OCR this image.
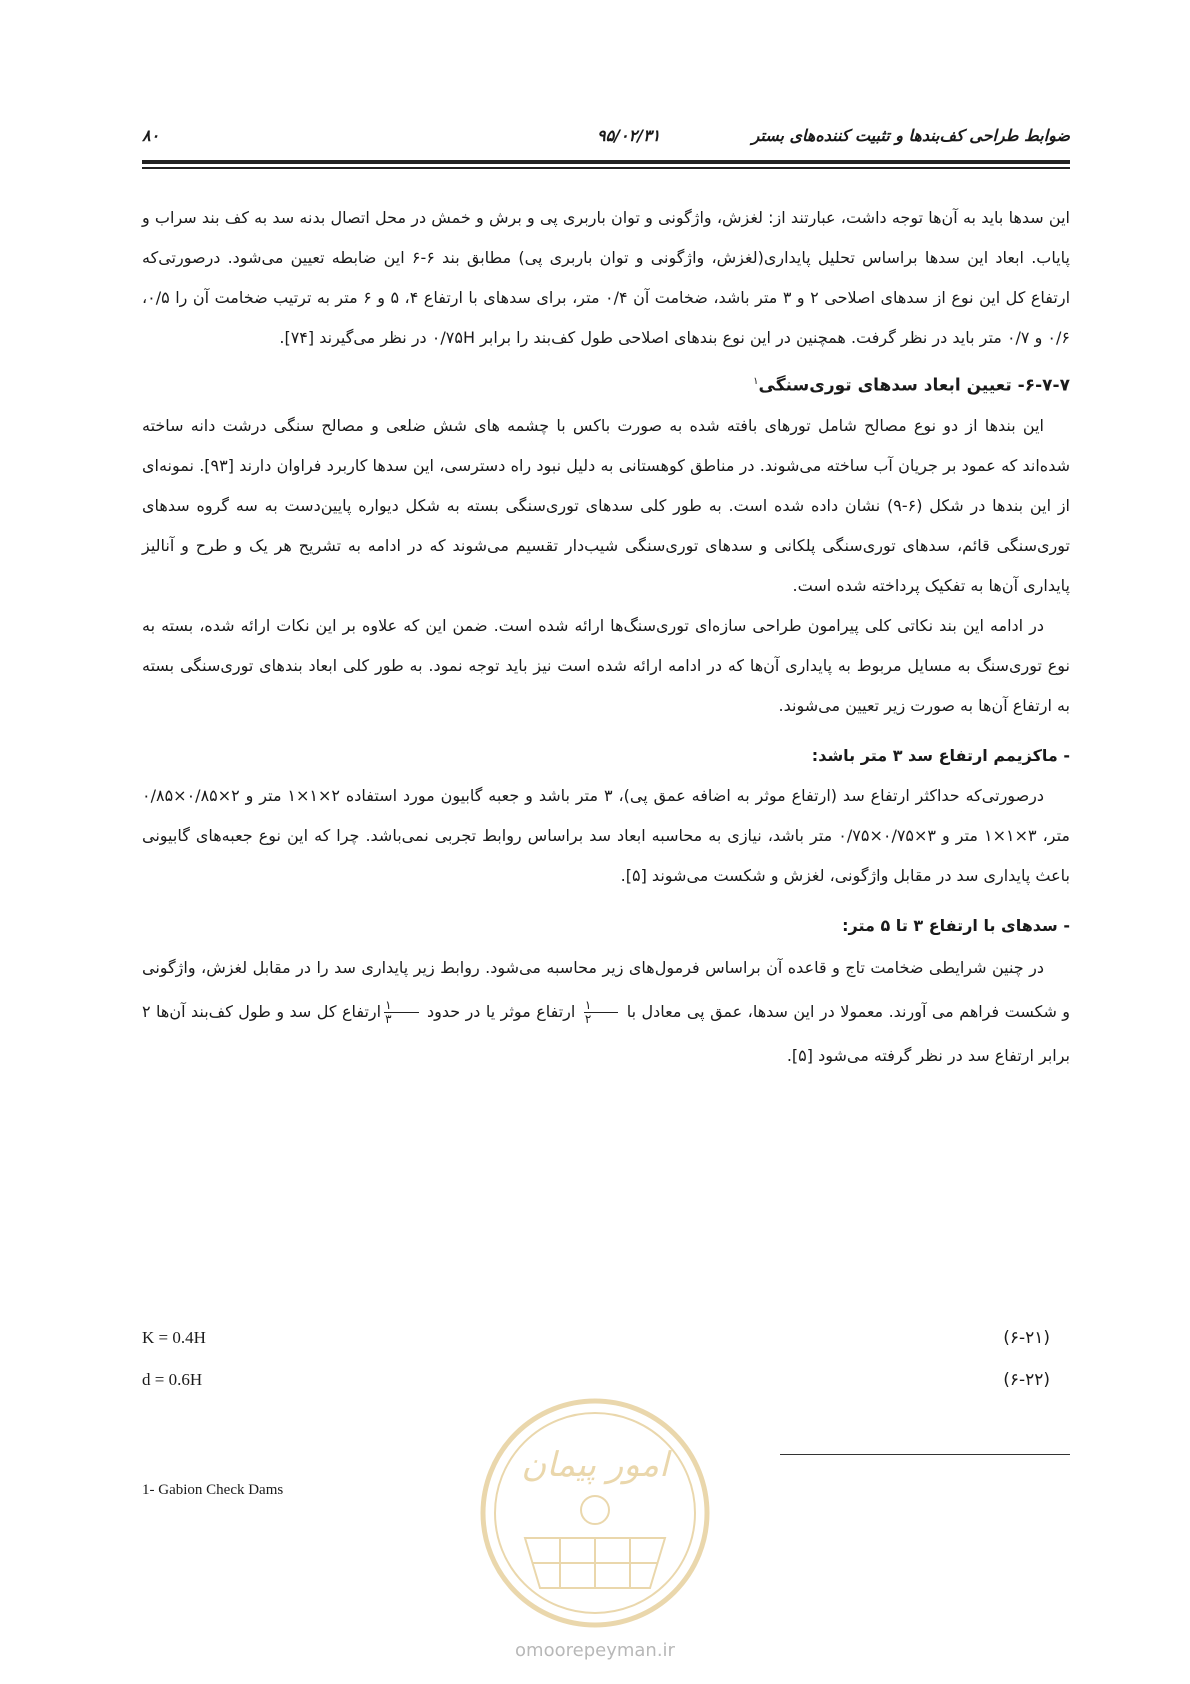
ضوابط طراحی کف‌بندها و تثبیت کننده‌های بستر
۹۵/۰۲/۳۱
۸۰

این سدها باید به آن‌ها توجه داشت، عبارتند از: لغزش، واژگونی و توان باربری پی و برش و خمش در محل اتصال بدنه سد به کف بند سراب و پایاب. ابعاد این سدها براساس تحلیل پایداری(لغزش، واژگونی و توان باربری پی) مطابق بند ۶-۶ این ضابطه تعیین می‌شود. درصورتی‌که ارتفاع کل این نوع از سدهای اصلاحی ۲ و ۳ متر باشد، ضخامت آن ۰/۴ متر، برای سدهای با ارتفاع ۴، ۵ و ۶ متر به ترتیب ضخامت آن را ۰/۵، ۰/۶ و ۰/۷ متر باید در نظر گرفت. همچنین در این نوع بندهای اصلاحی طول کف‌بند را برابر ۰/۷۵H در نظر می‌گیرند [۷۴].

۶-۷-۷- تعیین ابعاد سدهای توری‌سنگی$^۱$

این بندها از دو نوع مصالح شامل تورهای بافته شده به صورت باکس با چشمه های شش ضلعی و مصالح سنگی درشت دانه ساخته شده‌اند که عمود بر جریان آب ساخته می‌شوند. در مناطق کوهستانی به دلیل نبود راه دسترسی، این سدها کاربرد فراوان دارند [۹۳]. نمونه‌ای از این بندها در شکل (۶-۹) نشان داده شده است. به طور کلی سدهای توری‌سنگی بسته به شکل دیواره پایین‌دست به سه گروه سدهای توری‌سنگی قائم، سدهای توری‌سنگی پلکانی و سدهای توری‌سنگی شیب‌دار تقسیم می‌شوند که در ادامه به تشریح هر یک و طرح و آنالیز پایداری آن‌ها به تفکیک پرداخته شده است.

در ادامه این بند نکاتی کلی پیرامون طراحی سازه‌ای توری‌سنگ‌ها ارائه شده است. ضمن این که علاوه بر این نکات ارائه شده، بسته به نوع توری‌سنگ به مسایل مربوط به پایداری آن‌ها که در ادامه ارائه شده است نیز باید توجه نمود. به طور کلی ابعاد بندهای توری‌سنگی بسته به ارتفاع آن‌ها به صورت زیر تعیین می‌شوند.

- ماکزیمم ارتفاع سد ۳ متر باشد:

درصورتی‌که حداکثر ارتفاع سد (ارتفاع موثر به اضافه عمق پی)، ۳ متر باشد و جعبه گابیون مورد استفاده ۲×۱×۱ متر و ۲×۰/۸۵×۰/۸۵ متر، ۳×۱×۱ متر و ۳×۰/۷۵×۰/۷۵ متر باشد، نیازی به محاسبه ابعاد سد براساس روابط تجربی نمی‌باشد. چرا که این نوع جعبه‌های گابیونی باعث پایداری سد در مقابل واژگونی، لغزش و شکست می‌شوند [۵].

- سدهای با ارتفاع ۳ تا ۵ متر:

در چنین شرایطی ضخامت تاج و قاعده آن براساس فرمول‌های زیر محاسبه می‌شود. روابط زیر پایداری سد را در مقابل لغزش، واژگونی و شکست فراهم می آورند. معمولا در این سدها، عمق پی معادل با
$\frac{۱}{۲}$
ارتفاع موثر یا در حدود
$\frac{۱}{۳}$
ارتفاع کل سد و طول کف‌بند آن‌ها ۲ برابر ارتفاع سد در نظر گرفته می‌شود [۵].

K = 0.4H	(۶-۲۱)
d = 0.6H	(۶-۲۲)
امور پیمان
1- Gabion Check Dams
omoorepeyman.ir
